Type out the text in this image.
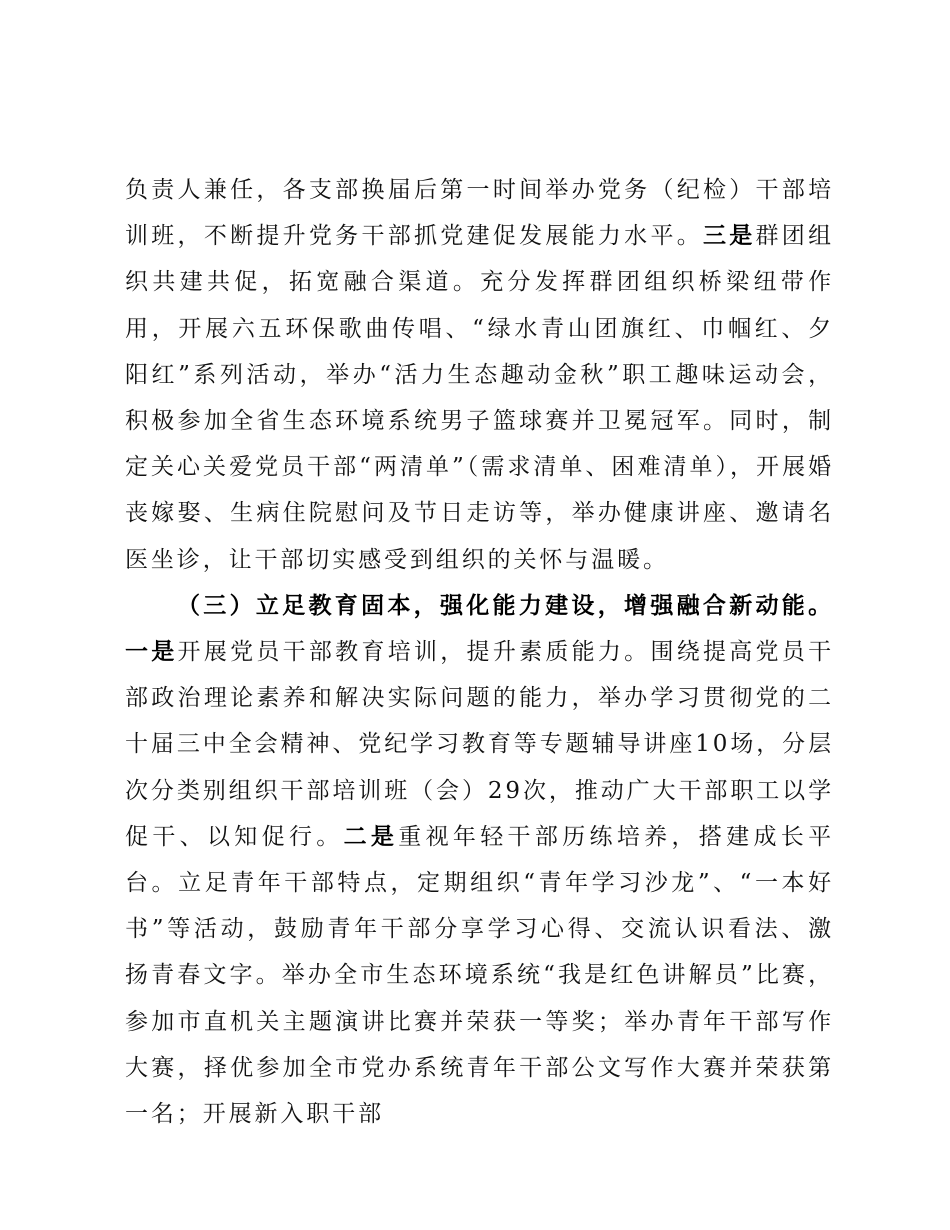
负责人兼任，各支部换届后第一时间举办党务（纪检）干部培训班，不断提升党务干部抓党建促发展能力水平。三是群团组织共建共促，拓宽融合渠道。充分发挥群团组织桥梁纽带作用，开展六五环保歌曲传唱、“绿水青山团旗红、巾帼红、夕阳红”系列活动，举办“活力生态趣动金秋”职工趣味运动会，积极参加全省生态环境系统男子篮球赛并卫冕冠军。同时，制定关心关爱党员干部“两清单”（需求清单、困难清单），开展婚丧嫁娶、生病住院慰问及节日走访等，举办健康讲座、邀请名医坐诊，让干部切实感受到组织的关怀与温暖。

（三）立足教育固本，强化能力建设，增强融合新动能。一是开展党员干部教育培训，提升素质能力。围绕提高党员干部政治理论素养和解决实际问题的能力，举办学习贯彻党的二十届三中全会精神、党纪学习教育等专题辅导讲座10场，分层次分类别组织干部培训班（会）29次，推动广大干部职工以学促干、以知促行。二是重视年轻干部历练培养，搭建成长平台。立足青年干部特点，定期组织“青年学习沙龙”、“一本好书”等活动，鼓励青年干部分享学习心得、交流认识看法、激扬青春文字。举办全市生态环境系统“我是红色讲解员”比赛，参加市直机关主题演讲比赛并荣获一等奖；举办青年干部写作大赛，择优参加全市党办系统青年干部公文写作大赛并荣获第一名；开展新入职干部
